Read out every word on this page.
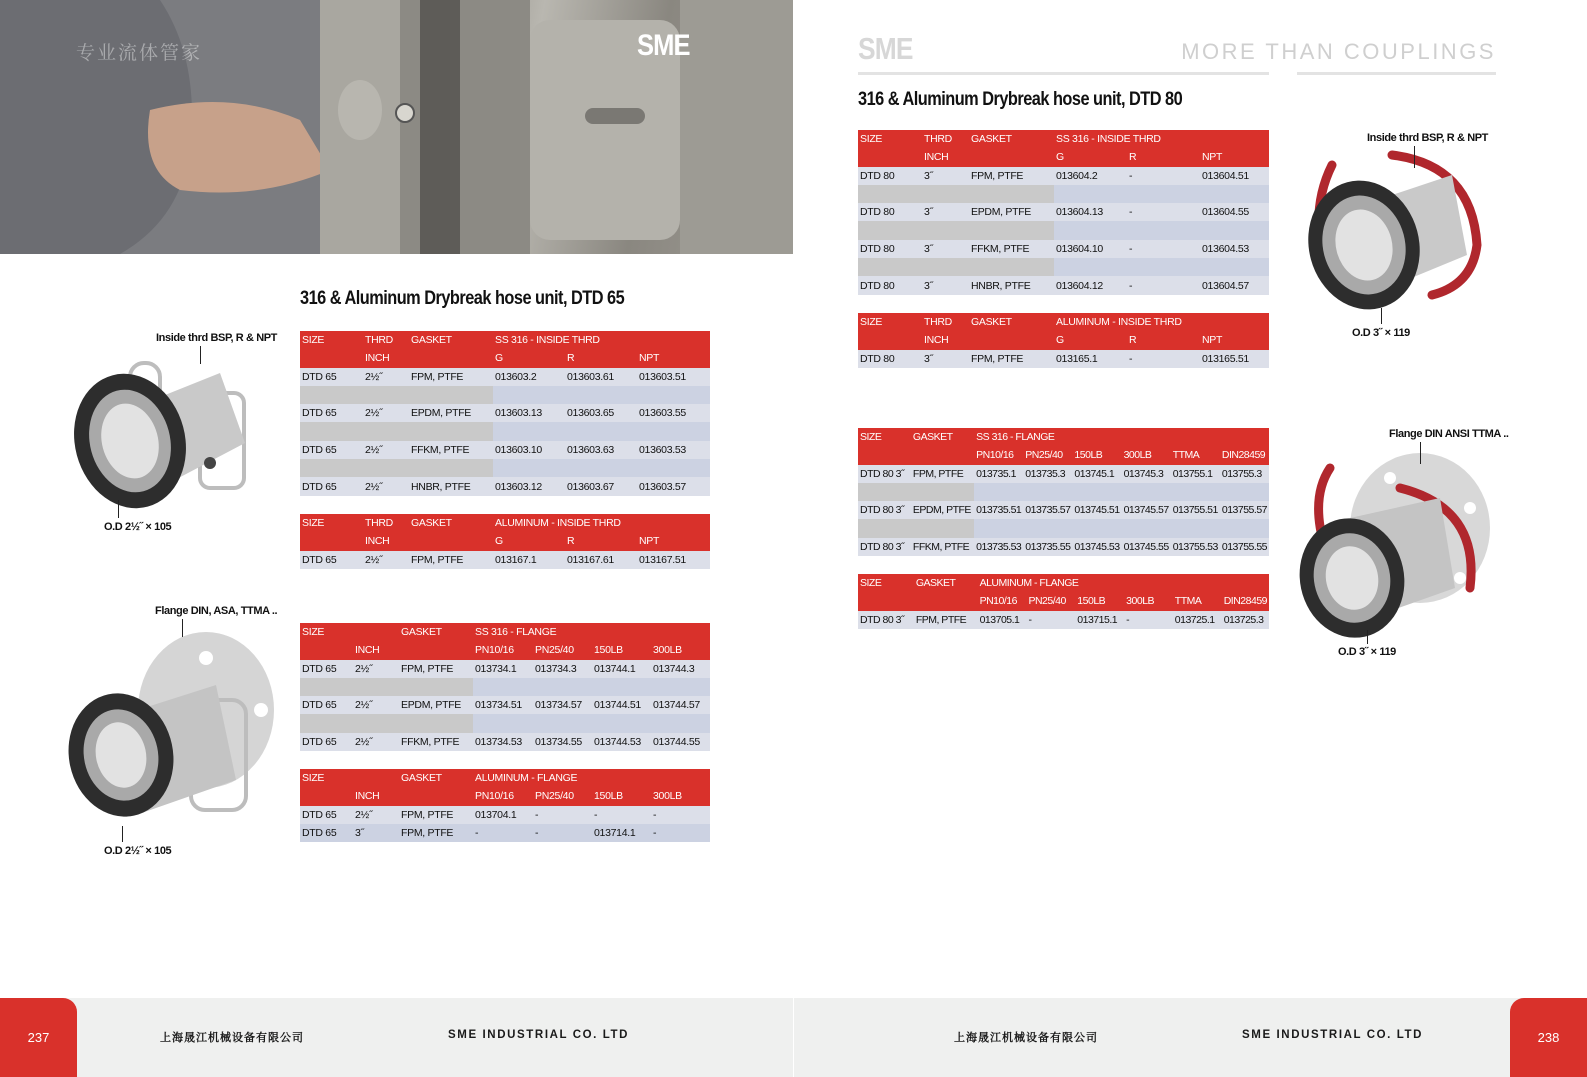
专业流体管家	SME
316 & Aluminum Drybreak hose unit, DTD 65
Inside thrd BSP, R & NPT
O.D 2½˝ × 105
SIZE	THRD	GASKET	SS 316 - INSIDE THRD		
	INCH		G	R	NPT
DTD 65	2½˝	FPM, PTFE	013603.2	013603.61	013603.51

DTD 65	2½˝	EPDM, PTFE	013603.13	013603.65	013603.55

DTD 65	2½˝	FFKM, PTFE	013603.10	013603.63	013603.53

DTD 65	2½˝	HNBR, PTFE	013603.12	013603.67	013603.57
SIZE	THRD	GASKET	ALUMINUM - INSIDE THRD		
	INCH		G	R	NPT
DTD 65	2½˝	FPM, PTFE	013167.1	013167.61	013167.51
Flange DIN, ASA, TTMA ..
O.D 2½˝ × 105
SIZE		GASKET	SS 316 - FLANGE			
	INCH		PN10/16	PN25/40	150LB	300LB
DTD 65	2½˝	FPM, PTFE	013734.1	013734.3	013744.1	013744.3

DTD 65	2½˝	EPDM, PTFE	013734.51	013734.57	013744.51	013744.57

DTD 65	2½˝	FFKM, PTFE	013734.53	013734.55	013744.53	013744.55
SIZE		GASKET	ALUMINUM - FLANGE			
	INCH		PN10/16	PN25/40	150LB	300LB
DTD 65	2½˝	FPM, PTFE	013704.1	-	-	-
DTD 65	3˝	FPM, PTFE	-	-	013714.1	-
237	上海晟江机械设备有限公司	SME INDUSTRIAL CO. LTD
SME	MORE THAN COUPLINGS
316 & Aluminum Drybreak hose unit, DTD 80
SIZE	THRD	GASKET	SS 316 - INSIDE THRD		
	INCH		G	R	NPT
DTD 80	3˝	FPM, PTFE	013604.2	-	013604.51

DTD 80	3˝	EPDM, PTFE	013604.13	-	013604.55

DTD 80	3˝	FFKM, PTFE	013604.10	-	013604.53

DTD 80	3˝	HNBR, PTFE	013604.12	-	013604.57
SIZE	THRD	GASKET	ALUMINUM - INSIDE THRD		
	INCH		G	R	NPT
DTD 80	3˝	FPM, PTFE	013165.1	-	013165.51
Inside thrd BSP, R & NPT
O.D 3˝ × 119
SIZE	GASKET	SS 316 - FLANGE					
		PN10/16	PN25/40	150LB	300LB	TTMA	DIN28459
DTD 80 3˝	FPM, PTFE	013735.1	013735.3	013745.1	013745.3	013755.1	013755.3

DTD 80 3˝	EPDM, PTFE	013735.51	013735.57	013745.51	013745.57	013755.51	013755.57

DTD 80 3˝	FFKM, PTFE	013735.53	013735.55	013745.53	013745.55	013755.53	013755.55
SIZE	GASKET	ALUMINUM - FLANGE					
		PN10/16	PN25/40	150LB	300LB	TTMA	DIN28459
DTD 80 3˝	FPM, PTFE	013705.1	-	013715.1	-	013725.1	013725.3
Flange DIN ANSI TTMA ..
O.D 3˝ × 119
上海晟江机械设备有限公司	SME INDUSTRIAL CO. LTD	238
